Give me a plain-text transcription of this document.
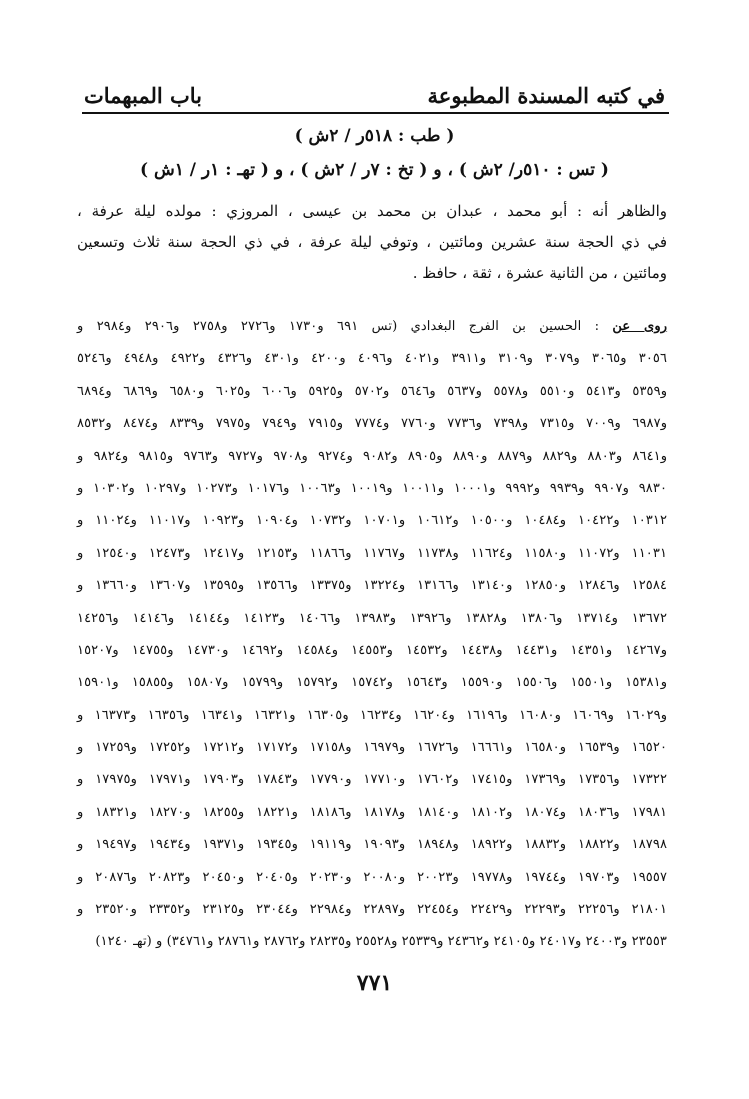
في كتبه المسندة المطبوعة
باب المبهمات
( طب : ٥١٨ر / ٢ش )
( تس : ٥١٠ر/ ٢ش ) ، و ( تخ : ٧ر / ٢ش ) ، و ( تهـ : ١ر / ١ش )
والظاهر أنه : أبو محمد ، عبدان بن محمد بن عيسى ، المروزي : مولده ليلة عرفة ،
في ذي الحجة سنة عشرين ومائتين ، وتوفي ليلة عرفة ، في ذي الحجة سنة ثلاث وتسعين
ومائتين ، من الثانية عشرة ، ثقة ، حافظ .
روى عن : الحسين بن الفرج البغدادي (تس ٦٩١ و١٧٣٠ و٢٧٢٦ و٢٧٥٨ و٢٩٠٦ و٢٩٨٤ و
٣٠٥٦ و٣٠٦٥ و٣٠٧٩ و٣١٠٩ و٣٩١١ و٤٠٢١ و٤٠٩٦ و٤٢٠٠ و٤٣٠١ و٤٣٢٦ و٤٩٢٢ و٤٩٤٨ و٥٢٤٦
و٥٣٥٩ و٥٤١٣ و٥٥١٠ و٥٥٧٨ و٥٦٣٧ و٥٦٤٦ و٥٧٠٢ و٥٩٢٥ و٦٠٠٦ و٦٠٢٥ و٦٥٨٠ و٦٨٦٩ و٦٨٩٤
و٦٩٨٧ و٧٠٠٩ و٧٣١٥ و٧٣٩٨ و٧٧٣٦ و٧٧٦٠ و٧٧٧٤ و٧٩١٥ و٧٩٤٩ و٧٩٧٥ و٨٣٣٩ و٨٤٧٤ و٨٥٣٢
و٨٦٤١ و٨٨٠٣ و٨٨٢٩ و٨٨٧٩ و٨٨٩٠ و٨٩٠٥ و٩٠٨٢ و٩٢٧٤ و٩٧٠٨ و٩٧٢٧ و٩٧٦٣ و٩٨١٥ و٩٨٢٤ و
٩٨٣٠ و٩٩٠٧ و٩٩٣٩ و٩٩٩٢ و١٠٠٠١ و١٠٠١١ و١٠٠١٩ و١٠٠٦٣ و١٠١٧٦ و١٠٢٧٣ و١٠٢٩٧ و١٠٣٠٢ و
١٠٣١٢ و١٠٤٢٢ و١٠٤٨٤ و١٠٥٠٠ و١٠٦١٢ و١٠٧٠١ و١٠٧٣٢ و١٠٩٠٤ و١٠٩٢٣ و١١٠١٧ و١١٠٢٤ و
١١٠٣١ و١١٠٧٢ و١١٥٨٠ و١١٦٢٤ و١١٧٣٨ و١١٧٦٧ و١١٨٦٦ و١٢١٥٣ و١٢٤١٧ و١٢٤٧٣ و١٢٥٤٠ و
١٢٥٨٤ و١٢٨٤٦ و١٢٨٥٠ و١٣١٤٠ و١٣١٦٦ و١٣٢٢٤ و١٣٣٧٥ و١٣٥٦٦ و١٣٥٩٥ و١٣٦٠٧ و١٣٦٦٠ و
١٣٦٧٢ و١٣٧١٤ و١٣٨٠٦ و١٣٨٢٨ و١٣٩٢٦ و١٣٩٨٣ و١٤٠٦٦ و١٤١٢٣ و١٤١٤٤ و١٤١٤٦ و١٤٢٥٦
و١٤٢٦٧ و١٤٣٥١ و١٤٤٣١ و١٤٤٣٨ و١٤٥٣٢ و١٤٥٥٣ و١٤٥٨٤ و١٤٦٩٢ و١٤٧٣٠ و١٤٧٥٥ و١٥٢٠٧
و١٥٣٨١ و١٥٥٠١ و١٥٥٠٦ و١٥٥٩٠ و١٥٦٤٣ و١٥٧٤٢ و١٥٧٩٢ و١٥٧٩٩ و١٥٨٠٧ و١٥٨٥٥ و١٥٩٠١
و١٦٠٢٩ و١٦٠٦٩ و١٦٠٨٠ و١٦١٩٦ و١٦٢٠٤ و١٦٢٣٤ و١٦٣٠٥ و١٦٣٢١ و١٦٣٤١ و١٦٣٥٦ و١٦٣٧٣ و
١٦٥٢٠ و١٦٥٣٩ و١٦٥٨٠ و١٦٦٦١ و١٦٧٢٦ و١٦٩٧٩ و١٧١٥٨ و١٧١٧٢ و١٧٢١٢ و١٧٢٥٢ و١٧٢٥٩ و
١٧٣٢٢ و١٧٣٥٦ و١٧٣٦٩ و١٧٤١٥ و١٧٦٠٢ و١٧٧١٠ و١٧٧٩٠ و١٧٨٤٣ و١٧٩٠٣ و١٧٩٧١ و١٧٩٧٥ و
١٧٩٨١ و١٨٠٣٦ و١٨٠٧٤ و١٨١٠٢ و١٨١٤٠ و١٨١٧٨ و١٨١٨٦ و١٨٢٢١ و١٨٢٥٥ و١٨٢٧٠ و١٨٣٢١ و
١٨٧٩٨ و١٨٨٢٢ و١٨٨٣٢ و١٨٩٢٢ و١٨٩٤٨ و١٩٠٩٣ و١٩١١٩ و١٩٣٤٥ و١٩٣٧١ و١٩٤٣٤ و١٩٤٩٧ و
١٩٥٥٧ و١٩٧٠٣ و١٩٧٤٤ و١٩٧٧٨ و٢٠٠٢٣ و٢٠٠٨٠ و٢٠٢٣٠ و٢٠٤٠٥ و٢٠٤٥٠ و٢٠٨٢٣ و٢٠٨٧٦ و
٢١٨٠١ و٢٢٢٥٦ و٢٢٢٩٣ و٢٢٤٢٩ و٢٢٤٥٤ و٢٢٨٩٧ و٢٢٩٨٤ و٢٣٠٤٤ و٢٣١٢٥ و٢٣٣٥٢ و٢٣٥٢٠ و
٢٣٥٥٣ و٢٤٠٠٣ و٢٤٠١٧ و٢٤١٠٥ و٢٤٣٦٢ و٢٥٣٣٩ و٢٥٥٢٨ و٢٨٢٣٥ و٢٨٧٦٢ و٢٨٧٦١ و٣٤٧٦١) و (تهـ ١٢٤٠)
٧٧١
